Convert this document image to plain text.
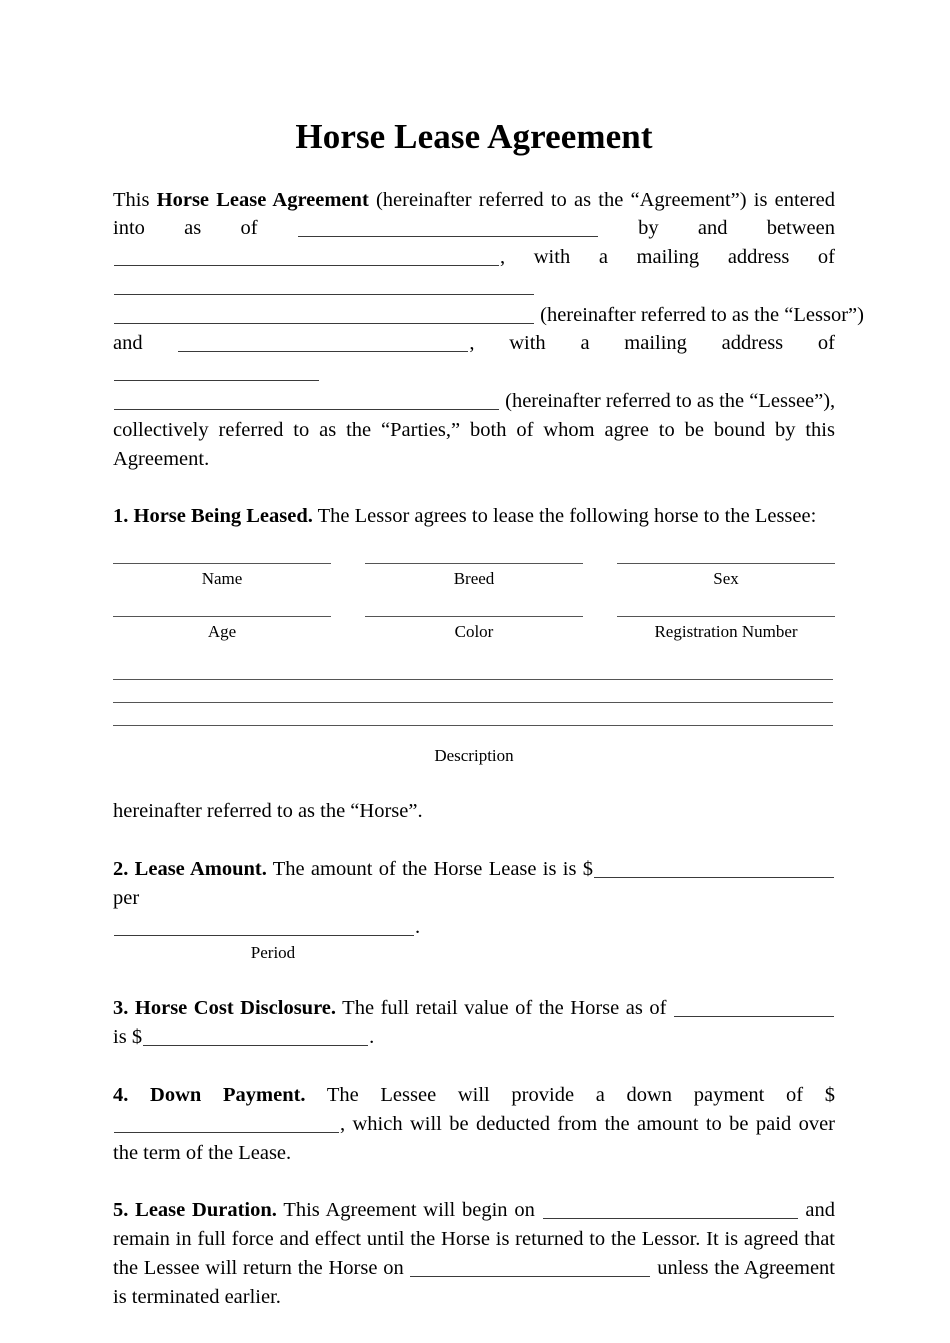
Horse Lease Agreement

This Horse Lease Agreement (hereinafter referred to as the “Agreement”) is entered into as of	by and between , with a mailing address of

(hereinafter referred to as the “Lessor”)

and	, with a mailing address of

(hereinafter referred to as the “Lessee”),

collectively referred to as the “Parties,” both of whom agree to be bound by this Agreement.

1. Horse Being Leased. The Lessor agrees to lease the following horse to the Lessee:

Name	Breed	Sex
Age	Color	Registration Number
Description

hereinafter referred to as the “Horse”.

2. Lease Amount. The amount of the Horse Lease is is $ per

.
Period

3. Horse Cost Disclosure. The full retail value of the Horse as of  is $	.

4. Down Payment. The Lessee will provide a down payment of $, which will be deducted from the amount to be paid over the term of the Lease.

5. Lease Duration. This Agreement will begin on	and remain in full force and effect until the Horse is returned to the Lessor. It is agreed that the Lessee will return the Horse on	unless the Agreement is terminated earlier.
